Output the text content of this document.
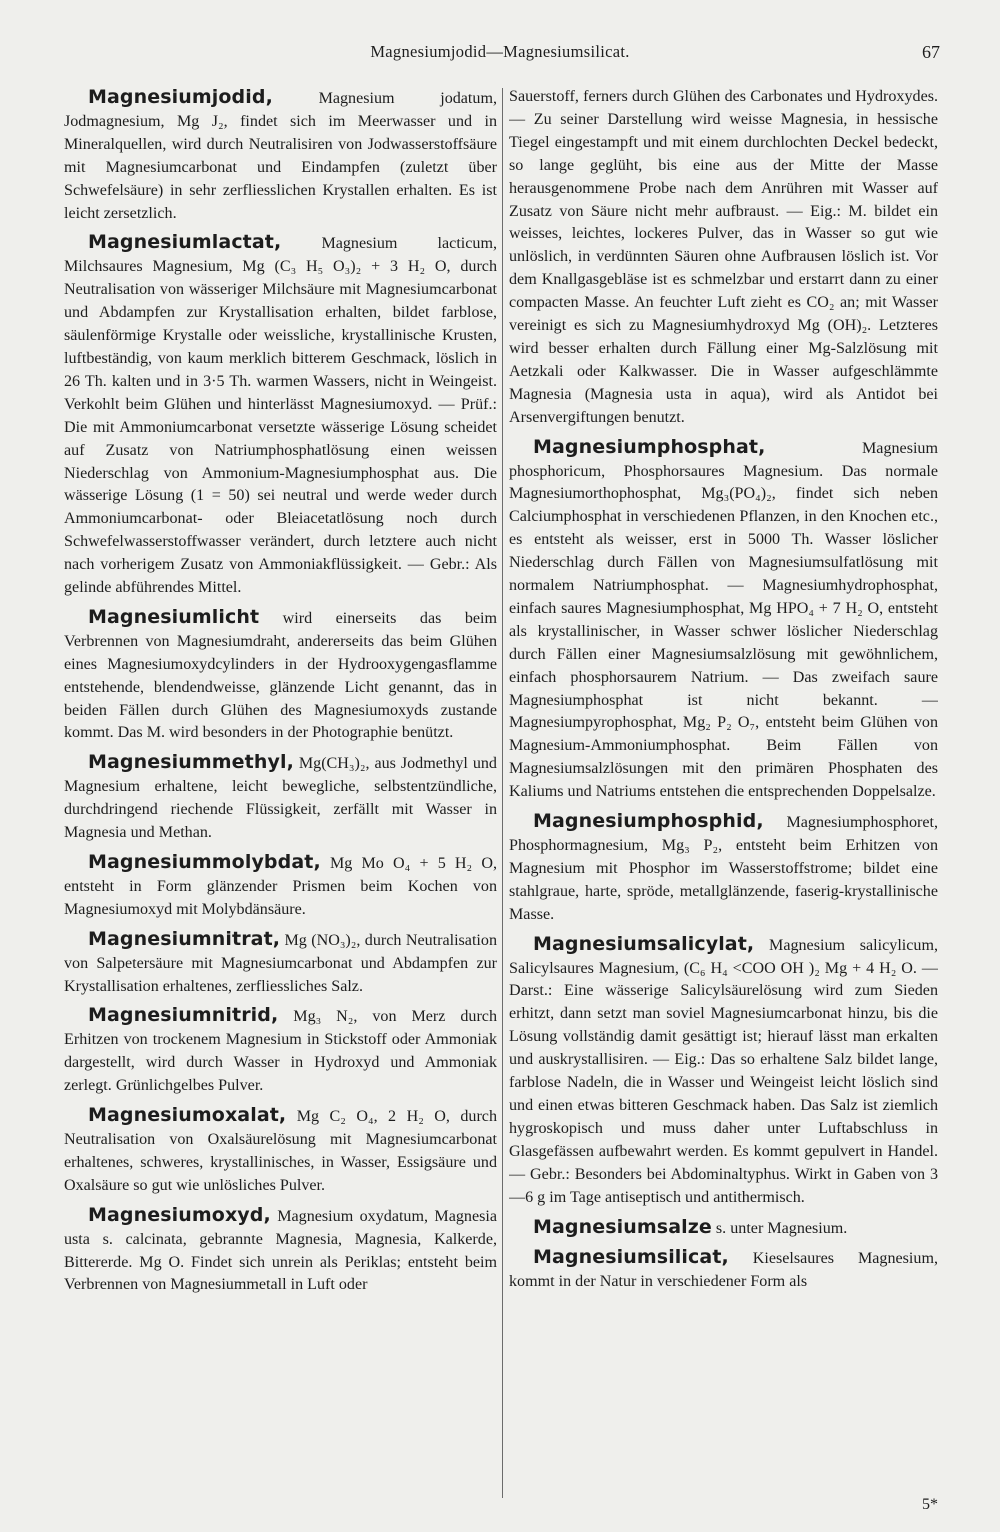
Magnesiumjodid—Magnesiumsilicat.	67

Magnesiumjodid,	Magnesium jodatum, Jodmagnesium, Mg J₂, findet sich im Meerwasser und in Mineralquellen, wird durch Neutralisiren von Jodwasserstoffsäure mit Magnesiumcarbonat und Eindampfen (zuletzt über Schwefelsäure) in sehr zerfliesslichen Krystallen erhalten. Es ist leicht zersetzlich.

Magnesiumlactat, Magnesium lacticum, Milchsaures Magnesium, Mg (C₃ H₅ O₃)₂ + 3 H₂ O, durch Neutralisation von wässeriger Milchsäure mit Magnesiumcarbonat und Abdampfen zur Krystallisation erhalten, bildet farblose, säulenförmige Krystalle oder weissliche, krystallinische Krusten, luftbeständig, von kaum merklich bitterem Geschmack, löslich in 26 Th. kalten und in 3·5 Th. warmen Wassers, nicht in Weingeist. Verkohlt beim Glühen und hinterlässt Magnesiumoxyd. — Prüf.: Die mit Ammoniumcarbonat versetzte wässerige Lösung scheidet auf Zusatz von Natriumphosphatlösung einen weissen Niederschlag von Ammonium-Magnesiumphosphat aus. Die wässerige Lösung (1 = 50) sei neutral und werde weder durch Ammoniumcarbonat- oder Bleiacetatlösung noch durch Schwefelwasserstoffwasser verändert, durch letztere auch nicht nach vorherigem Zusatz von Ammoniakflüssigkeit. — Gebr.: Als gelinde abführendes Mittel.

Magnesiumlicht wird einerseits das beim Verbrennen von Magnesiumdraht, andererseits das beim Glühen eines Magnesiumoxydcylinders in der Hydrooxygengasflamme entstehende, blendendweisse, glänzende Licht genannt, das in beiden Fällen durch Glühen des Magnesiumoxyds zustande kommt. Das M. wird besonders in der Photographie benützt.

Magnesiummethyl, Mg(CH₃)₂, aus Jodmethyl und Magnesium erhaltene, leicht bewegliche, selbstentzündliche, durchdringend riechende Flüssigkeit, zerfällt mit Wasser in Magnesia und Methan.

Magnesiummolybdat, Mg Mo O₄ + 5 H₂ O, entsteht in Form glänzender Prismen beim Kochen von Magnesiumoxyd mit Molybdänsäure.

Magnesiumnitrat, Mg (NO₃)₂, durch Neutralisation von Salpetersäure mit Magnesiumcarbonat und Abdampfen zur Krystallisation erhaltenes, zerfliessliches Salz.

Magnesiumnitrid, Mg₃ N₂, von Merz durch Erhitzen von trockenem Magnesium in Stickstoff oder Ammoniak dargestellt, wird durch Wasser in Hydroxyd und Ammoniak zerlegt. Grünlichgelbes Pulver.

Magnesiumoxalat, Mg C₂ O₄, 2 H₂ O, durch Neutralisation von Oxalsäurelösung mit Magnesiumcarbonat erhaltenes, schweres, krystallinisches, in Wasser, Essigsäure und Oxalsäure so gut wie unlösliches Pulver.

Magnesiumoxyd, Magnesium oxydatum, Magnesia usta s. calcinata, gebrannte Magnesia, Magnesia, Kalkerde, Bittererde. Mg O. Findet sich unrein als Periklas; entsteht beim Verbrennen von Magnesiummetall in Luft oder

Sauerstoff, ferners durch Glühen des Carbonates und Hydroxydes. — Zu seiner Darstellung wird weisse Magnesia, in hessische Tiegel eingestampft und mit einem durchlochten Deckel bedeckt, so lange geglüht, bis eine aus der Mitte der Masse herausgenommene Probe nach dem Anrühren mit Wasser auf Zusatz von Säure nicht mehr aufbraust. — Eig.: M. bildet ein weisses, leichtes, lockeres Pulver, das in Wasser so gut wie unlöslich, in verdünnten Säuren ohne Aufbrausen löslich ist. Vor dem Knallgasgebläse ist es schmelzbar und erstarrt dann zu einer compacten Masse. An feuchter Luft zieht es CO₂ an; mit Wasser vereinigt es sich zu Magnesiumhydroxyd Mg (OH)₂. Letzteres wird besser erhalten durch Fällung einer Mg-Salzlösung mit Aetzkali oder Kalkwasser. Die in Wasser aufgeschlämmte Magnesia (Magnesia usta in aqua), wird als Antidot bei Arsenvergiftungen benutzt.

Magnesiumphosphat,	Magnesium phosphoricum, Phosphorsaures Magnesium. Das normale Magnesiumorthophosphat, Mg₃(PO₄)₂, findet sich neben Calciumphosphat in verschiedenen Pflanzen, in den Knochen etc., es entsteht als weisser, erst in 5000 Th. Wasser löslicher Niederschlag durch Fällen von Magnesiumsulfatlösung mit normalem Natriumphosphat. — Magnesiumhydrophosphat, einfach saures Magnesiumphosphat, Mg HPO₄ + 7 H₂ O, entsteht als krystallinischer, in Wasser schwer löslicher Niederschlag durch Fällen einer Magnesiumsalzlösung mit gewöhnlichem, einfach phosphorsaurem Natrium. — Das zweifach saure Magnesiumphosphat ist nicht bekannt. — Magnesiumpyrophosphat, Mg₂ P₂ O₇, entsteht beim Glühen von Magnesium-Ammoniumphosphat. Beim Fällen von Magnesiumsalzlösungen mit den primären Phosphaten des Kaliums und Natriums entstehen die entsprechenden Doppelsalze.

Magnesiumphosphid, Magnesiumphosphoret, Phosphormagnesium, Mg₃ P₂, entsteht beim Erhitzen von Magnesium mit Phosphor im Wasserstoffstrome; bildet eine stahlgraue, harte, spröde, metallglänzende, faserig-krystallinische Masse.

Magnesiumsalicylat, Magnesium salicylicum, Salicylsaures Magnesium, (C₆ H₄ <COO OH )₂ Mg + 4 H₂ O. — Darst.: Eine wässerige Salicylsäurelösung wird zum Sieden erhitzt, dann setzt man soviel Magnesiumcarbonat hinzu, bis die Lösung vollständig damit gesättigt ist; hierauf lässt man erkalten und auskrystallisiren. — Eig.: Das so erhaltene Salz bildet lange, farblose Nadeln, die in Wasser und Weingeist leicht löslich sind und einen etwas bitteren Geschmack haben. Das Salz ist ziemlich hygroskopisch und muss daher unter Luftabschluss in Glasgefässen aufbewahrt werden. Es kommt gepulvert in Handel. — Gebr.: Besonders bei Abdominaltyphus. Wirkt in Gaben von 3—6 g im Tage antiseptisch und antithermisch.

Magnesiumsalze s. unter Magnesium.

Magnesiumsilicat, Kieselsaures Magnesium, kommt in der Natur in verschiedener Form als

5*
